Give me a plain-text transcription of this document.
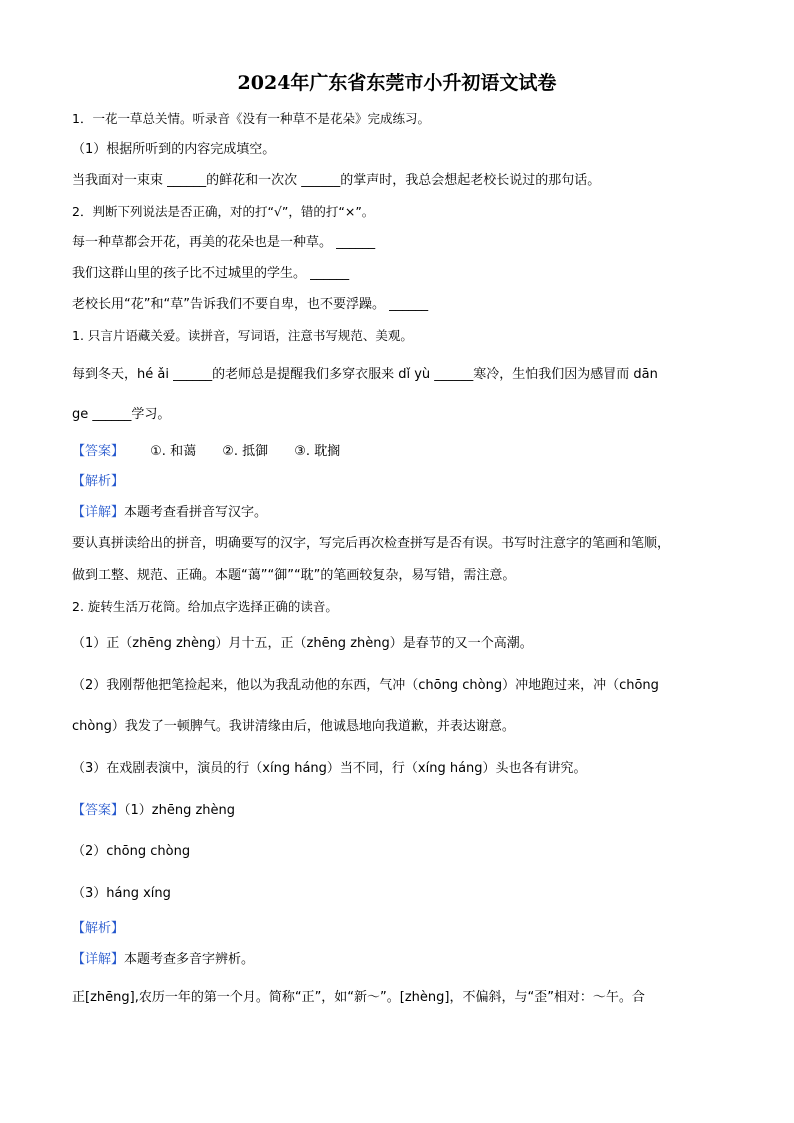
2024年广东省东莞市小升初语文试卷
1．一花一草总关情。听录音《没有一种草不是花朵》完成练习。
（1）根据所听到的内容完成填空。
当我面对一束束 ______的鲜花和一次次 ______的掌声时，我总会想起老校长说过的那句话。
2．判断下列说法是否正确，对的打“√”，错的打“×”。
每一种草都会开花，再美的花朵也是一种草。 ______
我们这群山里的孩子比不过城里的学生。 ______
老校长用“花”和“草”告诉我们不要自卑，也不要浮躁。 ______
1. 只言片语藏关爱。读拼音，写词语，注意书写规范、美观。
每到冬天，hé ǎi ______的老师总是提醒我们多穿衣服来 dǐ yù ______寒冷，生怕我们因为感冒而 dān
ge ______学习。
【答案】 ①. 和蔼 ②. 抵御 ③. 耽搁
【解析】
【详解】本题考查看拼音写汉字。
要认真拼读给出的拼音，明确要写的汉字，写完后再次检查拼写是否有误。书写时注意字的笔画和笔顺，
做到工整、规范、正确。本题“蔼”“御”“耽”的笔画较复杂，易写错，需注意。
2. 旋转生活万花筒。给加点字选择正确的读音。
（1）正（zhēng zhèng）月十五，正（zhēng zhèng）是春节的又一个高潮。
（2）我刚帮他把笔捡起来，他以为我乱动他的东西，气冲（chōng chòng）冲地跑过来，冲（chōng
chòng）我发了一顿脾气。我讲清缘由后，他诚恳地向我道歉，并表达谢意。
（3）在戏剧表演中，演员的行（xíng háng）当不同，行（xíng háng）头也各有讲究。
【答案】（1）zhēng zhèng
（2）chōng chòng
（3）háng xíng
【解析】
【详解】本题考查多音字辨析。
正[zhēng],农历一年的第一个月。简称“正”，如“新～”。[zhèng]，不偏斜，与“歪”相对：～午。合
